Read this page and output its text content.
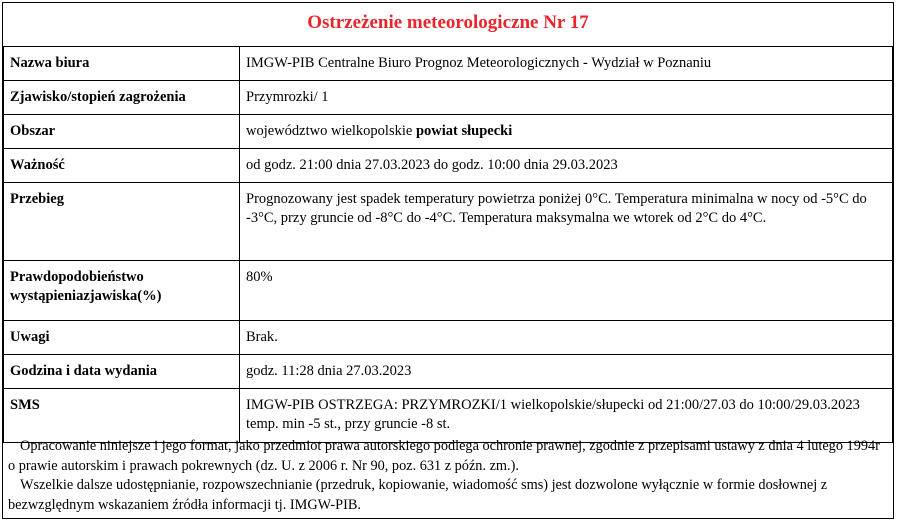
Ostrzeżenie meteorologiczne Nr 17
Nazwa biura	IMGW-PIB Centralne Biuro Prognoz Meteorologicznych - Wydział w Poznaniu
Zjawisko/stopień zagrożenia	Przymrozki/ 1
Obszar	województwo wielkopolskie powiat słupecki
Ważność	od godz. 21:00 dnia 27.03.2023 do godz. 10:00 dnia 29.03.2023
Przebieg	Prognozowany jest spadek temperatury powietrza poniżej 0°C. Temperatura minimalna w nocy od -5°C do -3°C, przy gruncie od -8°C do -4°C. Temperatura maksymalna we wtorek od 2°C do 4°C.
Prawdopodobieństwo
wystąpieniazjawiska(%)	80%
Uwagi	Brak.
Godzina i data wydania	godz. 11:28 dnia 27.03.2023
SMS	IMGW-PIB OSTRZEGA: PRZYMROZKI/1 wielkopolskie/słupecki od 21:00/27.03 do 10:00/29.03.2023 temp. min -5 st., przy gruncie -8 st.

Opracowanie niniejsze i jego format, jako przedmiot prawa autorskiego podlega ochronie prawnej, zgodnie z przepisami ustawy z dnia 4 lutego 1994r o prawie autorskim i prawach pokrewnych (dz. U. z 2006 r. Nr 90, poz. 631 z późn. zm.).

Wszelkie dalsze udostępnianie, rozpowszechnianie (przedruk, kopiowanie, wiadomość sms) jest dozwolone wyłącznie w formie dosłownej z bezwzględnym wskazaniem źródła informacji tj. IMGW-PIB.
